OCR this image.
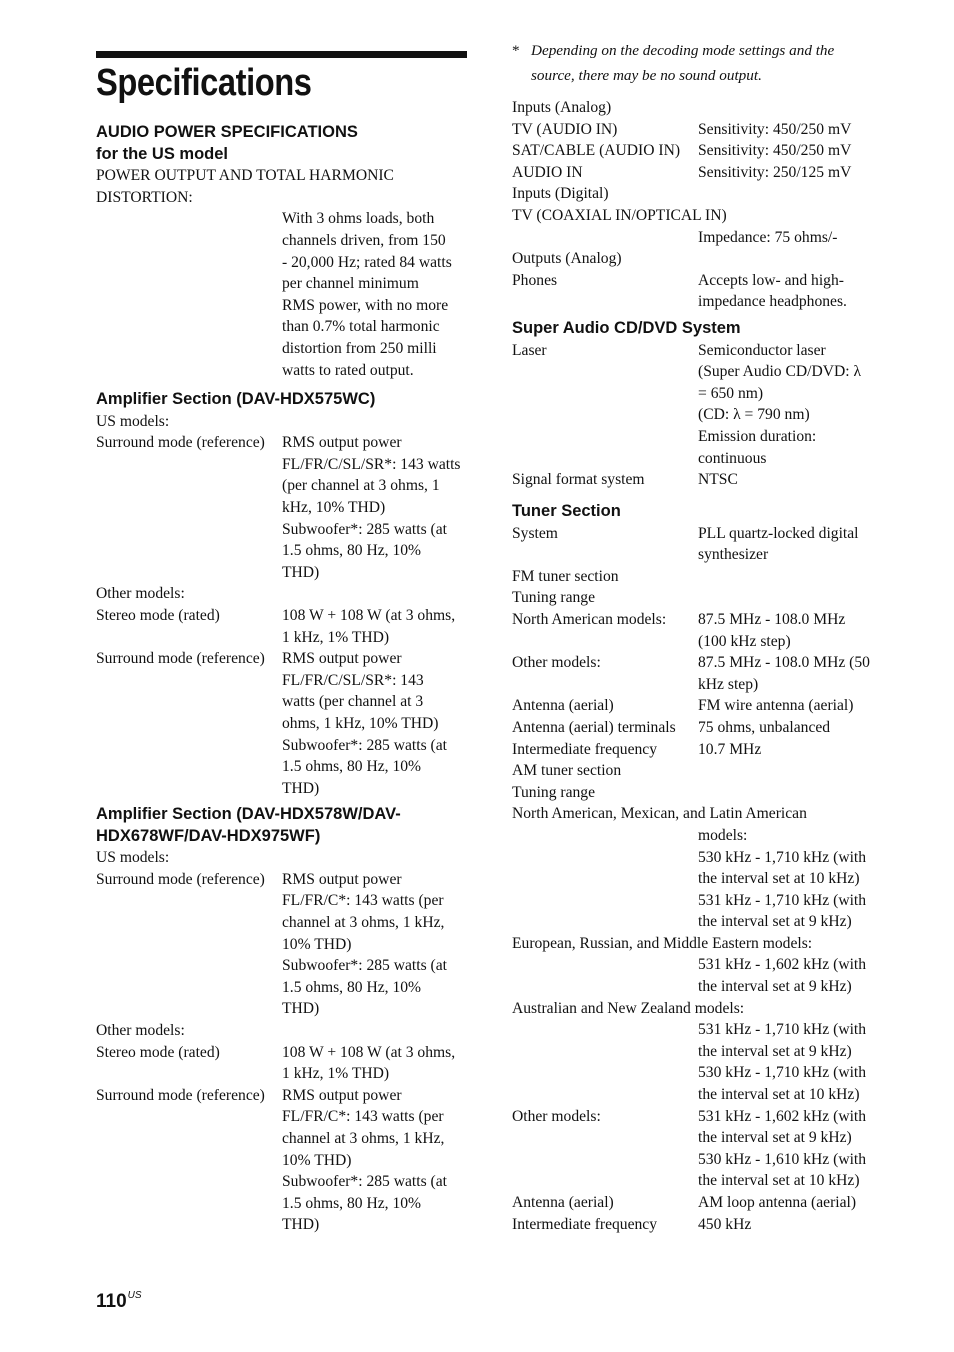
Specifications
AUDIO POWER SPECIFICATIONS
for the US model
POWER OUTPUT AND TOTAL HARMONIC
DISTORTION:
With 3 ohms loads, both
channels driven, from 150
- 20,000 Hz; rated 84 watts
per channel minimum
RMS power, with no more
than 0.7% total harmonic
distortion from 250 milli
watts to rated output.
Amplifier Section (DAV-HDX575WC)
US models:
Surround mode (reference) RMS output power
FL/FR/C/SL/SR*: 143 watts
(per channel at 3 ohms, 1
kHz, 10% THD)
Subwoofer*: 285 watts (at
1.5 ohms, 80 Hz, 10%
THD)
Other models:
Stereo mode (rated)	108 W + 108 W (at 3 ohms,
1 kHz, 1% THD)
Surround mode (reference) RMS output power
FL/FR/C/SL/SR*: 143
watts (per channel at 3
ohms, 1 kHz, 10% THD)
Subwoofer*: 285 watts (at
1.5 ohms, 80 Hz, 10%
THD)
Amplifier Section (DAV-HDX578W/DAV-
HDX678WF/DAV-HDX975WF)
US models:
Surround mode (reference) RMS output power
FL/FR/C*: 143 watts (per
channel at 3 ohms, 1 kHz,
10% THD)
Subwoofer*: 285 watts (at
1.5 ohms, 80 Hz, 10%
THD)
Other models:
Stereo mode (rated)	108 W + 108 W (at 3 ohms,
1 kHz, 1% THD)
Surround mode (reference) RMS output power
FL/FR/C*: 143 watts (per
channel at 3 ohms, 1 kHz,
10% THD)
Subwoofer*: 285 watts (at
1.5 ohms, 80 Hz, 10%
THD)
* Depending on the decoding mode settings and the
source, there may be no sound output.
Inputs (Analog)
TV (AUDIO IN)	Sensitivity: 450/250 mV
SAT/CABLE (AUDIO IN) Sensitivity: 450/250 mV
AUDIO IN	Sensitivity: 250/125 mV
Inputs (Digital)
TV (COAXIAL IN/OPTICAL IN)
Impedance: 75 ohms/-
Outputs (Analog)
Phones	Accepts low- and high-
impedance headphones.
Super Audio CD/DVD System
Laser	Semiconductor laser
(Super Audio CD/DVD: λ
= 650 nm)
(CD: λ = 790 nm)
Emission duration:
continuous
Signal format system	NTSC
Tuner Section
System	PLL quartz-locked digital
synthesizer
FM tuner section
Tuning range
North American models: 87.5 MHz - 108.0 MHz
(100 kHz step)
Other models:	87.5 MHz - 108.0 MHz (50
kHz step)
Antenna (aerial)	FM wire antenna (aerial)
Antenna (aerial) terminals 75 ohms, unbalanced
Intermediate frequency	10.7 MHz
AM tuner section
Tuning range
North American, Mexican, and Latin American
models:
530 kHz - 1,710 kHz (with
the interval set at 10 kHz)
531 kHz - 1,710 kHz (with
the interval set at 9 kHz)
European, Russian, and Middle Eastern models:
531 kHz - 1,602 kHz (with
the interval set at 9 kHz)
Australian and New Zealand models:
531 kHz - 1,710 kHz (with
the interval set at 9 kHz)
530 kHz - 1,710 kHz (with
the interval set at 10 kHz)
Other models:	531 kHz - 1,602 kHz (with
the interval set at 9 kHz)
530 kHz - 1,610 kHz (with
the interval set at 10 kHz)
Antenna (aerial)	AM loop antenna (aerial)
Intermediate frequency	450 kHz
$110^{US}$
